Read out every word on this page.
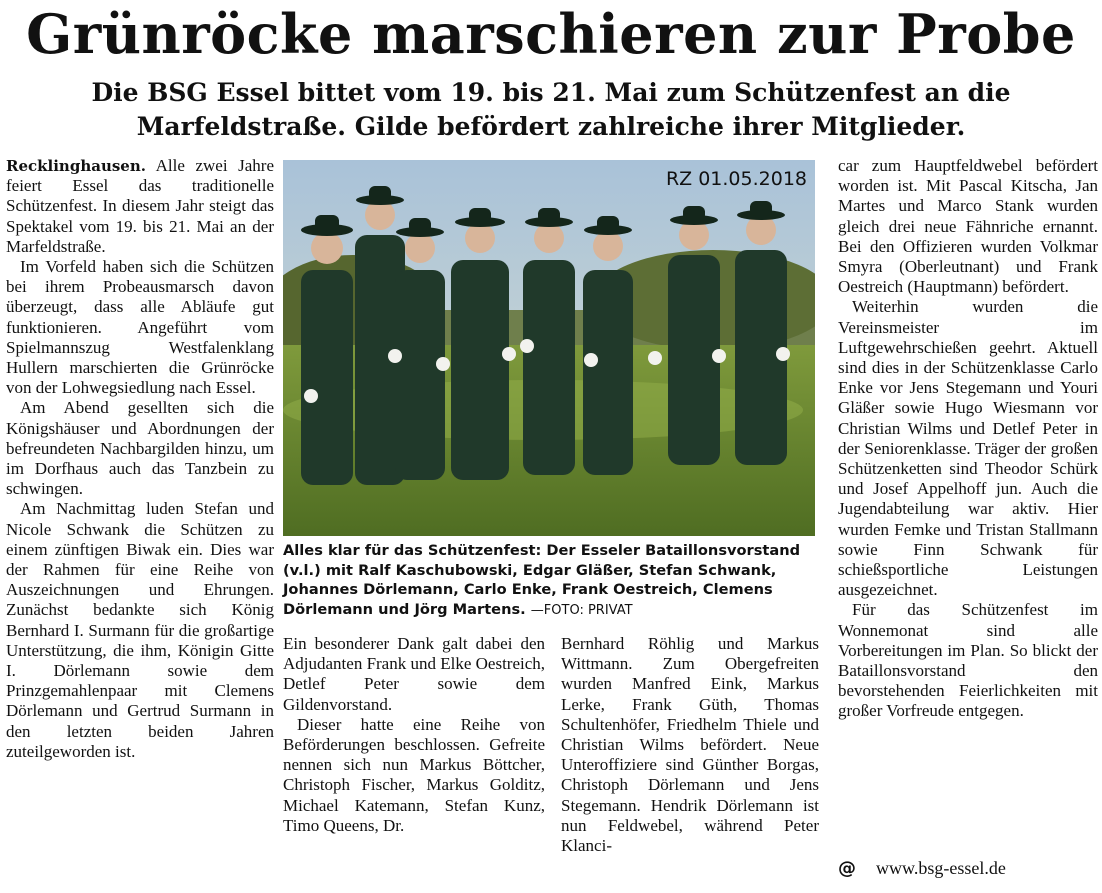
Grünröcke marschieren zur Probe
Die BSG Essel bittet vom 19. bis 21. Mai zum Schützenfest an die
Marfeldstraße. Gilde befördert zahlreiche ihrer Mitglieder.

Recklinghausen. Alle zwei Jahre feiert Essel das traditionelle Schützenfest. In diesem Jahr steigt das Spektakel vom 19. bis 21. Mai an der Marfeldstraße.

Im Vorfeld haben sich die Schützen bei ihrem Probeausmarsch davon überzeugt, dass alle Abläufe gut funktionieren. Angeführt vom Spielmannszug Westfalenklang Hullern marschierten die Grünröcke von der Lohwegsiedlung nach Essel.

Am Abend gesellten sich die Königshäuser und Abordnungen der befreundeten Nachbargilden hinzu, um im Dorfhaus auch das Tanzbein zu schwingen.

Am Nachmittag luden Stefan und Nicole Schwank die Schützen zu einem zünftigen Biwak ein. Dies war der Rahmen für eine Reihe von Auszeichnungen und Ehrungen. Zunächst bedankte sich König Bernhard I. Surmann für die großartige Unterstützung, die ihm, Königin Gitte I. Dörlemann sowie dem Prinzgemahlenpaar mit Clemens Dörlemann und Gertrud Surmann in den letzten beiden Jahren zuteilgeworden ist.

RZ 01.05.2018
Alles klar für das Schützenfest: Der Esseler Bataillonsvorstand (v.l.) mit Ralf Kaschubowski, Edgar Gläßer, Stefan Schwank, Johannes Dörlemann, Carlo Enke, Frank Oestreich, Clemens Dörlemann und Jörg Martens. —FOTO: PRIVAT

Ein besonderer Dank galt dabei den Adjudanten Frank und Elke Oestreich, Detlef Peter sowie dem Gildenvorstand.

Dieser hatte eine Reihe von Beförderungen beschlossen. Gefreite nennen sich nun Markus Böttcher, Christoph Fischer, Markus Golditz, Michael Katemann, Stefan Kunz, Timo Queens, Dr.

Bernhard Röhlig und Markus Wittmann. Zum Obergefreiten wurden Manfred Eink, Markus Lerke, Frank Güth, Thomas Schultenhöfer, Friedhelm Thiele und Christian Wilms befördert. Neue Unteroffiziere sind Günther Borgas, Christoph Dörlemann und Jens Stegemann. Hendrik Dörlemann ist nun Feldwebel, während Peter Klanci-

car zum Hauptfeldwebel befördert worden ist. Mit Pascal Kitscha, Jan Martes und Marco Stank wurden gleich drei neue Fähnriche ernannt. Bei den Offizieren wurden Volkmar Smyra (Oberleutnant) und Frank Oestreich (Hauptmann) befördert.

Weiterhin wurden die Vereinsmeister im Luftgewehrschießen geehrt. Aktuell sind dies in der Schützenklasse Carlo Enke vor Jens Stegemann und Youri Gläßer sowie Hugo Wiesmann vor Christian Wilms und Detlef Peter in der Seniorenklasse. Träger der großen Schützenketten sind Theodor Schürk und Josef Appelhoff jun. Auch die Jugendabteilung war aktiv. Hier wurden Femke und Tristan Stallmann sowie Finn Schwank für schießsportliche Leistungen ausgezeichnet.

Für das Schützenfest im Wonnemonat sind alle Vorbereitungen im Plan. So blickt der Bataillonsvorstand den bevorstehenden Feierlichkeiten mit großer Vorfreude entgegen.

@ www.bsg-essel.de
